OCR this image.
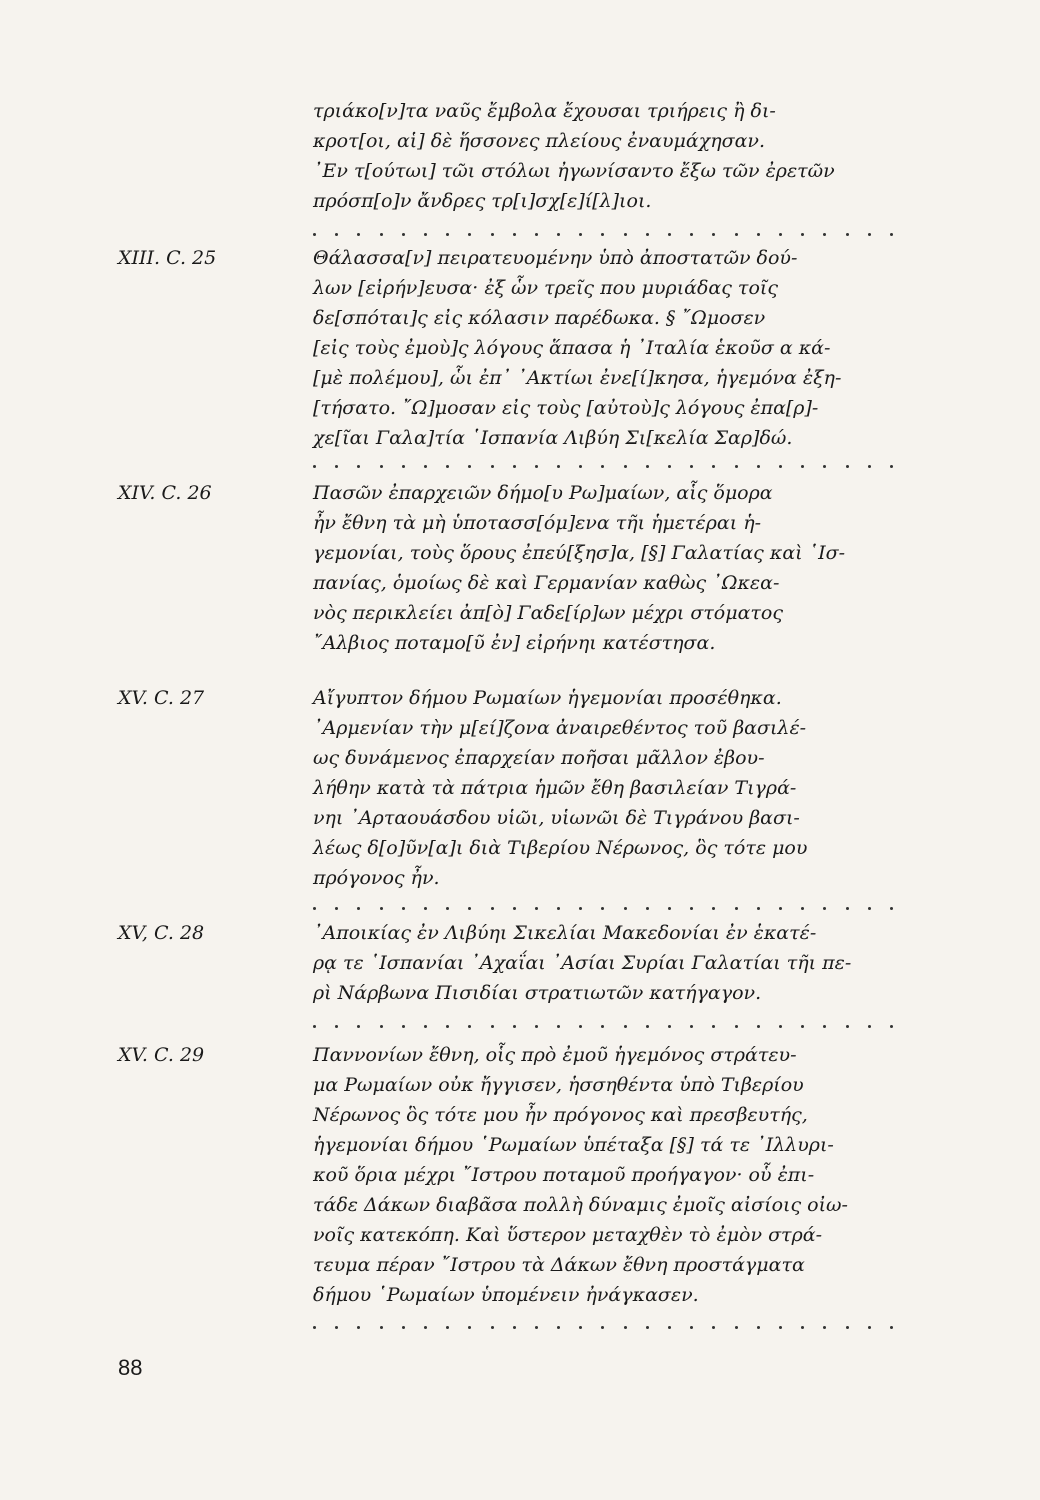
τριάκο[ν]τα ναῦς ἔμβολα ἔχουσαι τριήρεις ἢ δι-
κροτ[οι, αἱ] δὲ ἥσσονες πλείους ἐναυμάχησαν.
᾿Εν τ[ούτωι] τῶι στόλωι ἠγωνίσαντο ἔξω τῶν ἐρετῶν
πρόσπ[ο]ν ἄνδρες τρ[ι]σχ[ε]ί[λ]ιοι.
XIII. C. 25	Θάλασσα[ν] πειρατευομένην ὑπὸ ἀποστατῶν δού-
λων [εἰρήν]ευσα· ἐξ ὧν τρεῖς που μυριάδας τοῖς
δε[σπόται]ς εἰς κόλασιν παρέδωκα. § ῎Ωμοσεν
[εἰς τοὺς ἐμοὺ]ς λόγους ἅπασα ἡ ᾿Ιταλία ἑκοῦσ α κά-
[μὲ πολέμου], ὧι ἐπ᾿ ᾿Ακτίωι ἐνε[ί]κησα, ἡγεμόνα ἐξη-
[τήσατο. ῎Ω]μοσαν εἰς τοὺς [αὐτοὺ]ς λόγους ἐπα[ρ]-
χε[ῖαι Γαλα]τία ῾Ισπανία Λιβύη Σι[κελία Σαρ]δώ.
XIV. C. 26	Πασῶν ἐπαρχειῶν δήμο[υ Ρω]μαίων, αἷς ὅμορα
ἦν ἔθνη τὰ μὴ ὑποτασσ[όμ]ενα τῆι ἡμετέραι ἡ-
γεμονίαι, τοὺς ὅρους ἐπεύ[ξησ]α, [§] Γαλατίας καὶ ῾Ισ-
πανίας, ὁμοίως δὲ καὶ Γερμανίαν καθὼς ᾿Ωκεα-
νὸς περικλείει ἀπ[ὸ] Γαδε[ίρ]ων μέχρι στόματος
῎Αλβιος ποταμο[ῦ ἐν] εἰρήνηι κατέστησα.
XV. C. 27	Αἴγυπτον δήμου Ρωμαίων ἡγεμονίαι προσέθηκα.
᾿Αρμενίαν τὴν μ[εί]ζονα ἀναιρεθέντος τοῦ βασιλέ-
ως δυνάμενος ἐπαρχείαν ποῆσαι μᾶλλον ἐβου-
λήθην κατὰ τὰ πάτρια ἡμῶν ἔθη βασιλείαν Τιγρά-
νηι ᾿Αρταουάσδου υἱῶι, υἱωνῶι δὲ Τιγράνου βασι-
λέως δ[ο]ῦν[α]ι διὰ Τιβερίου Νέρωνος, ὃς τότε μου
πρόγονος ἦν.
XV, C. 28	᾿Αποικίας ἐν Λιβύηι Σικελίαι Μακεδονίαι ἐν ἑκατέ-
ρᾳ τε ῾Ισπανίαι ᾿Αχαΐαι ᾿Ασίαι Συρίαι Γαλατίαι τῆι πε-
ρὶ Νάρβωνα Πισιδίαι στρατιωτῶν κατήγαγον.
XV. C. 29	Παννονίων ἔθνη, οἷς πρὸ ἐμοῦ ἡγεμόνος στράτευ-
μα Ρωμαίων οὐκ ἤγγισεν, ἡσσηθέντα ὑπὸ Τιβερίου
Νέρωνος ὃς τότε μου ἦν πρόγονος καὶ πρεσβευτής,
ἡγεμονίαι δήμου ῾Ρωμαίων ὑπέταξα [§] τά τε ᾿Ιλλυρι-
κοῦ ὅρια μέχρι ῎Ιστρου ποταμοῦ προήγαγον· οὗ ἐπι-
τάδε Δάκων διαβᾶσα πολλὴ δύναμις ἐμοῖς αἰσίοις οἰω-
νοῖς κατεκόπη. Καὶ ὕστερον μεταχθὲν τὸ ἐμὸν στρά-
τευμα πέραν ῎Ιστρου τὰ Δάκων ἔθνη προστάγματα
δήμου ῾Ρωμαίων ὑπομένειν ἠνάγκασεν.
88
